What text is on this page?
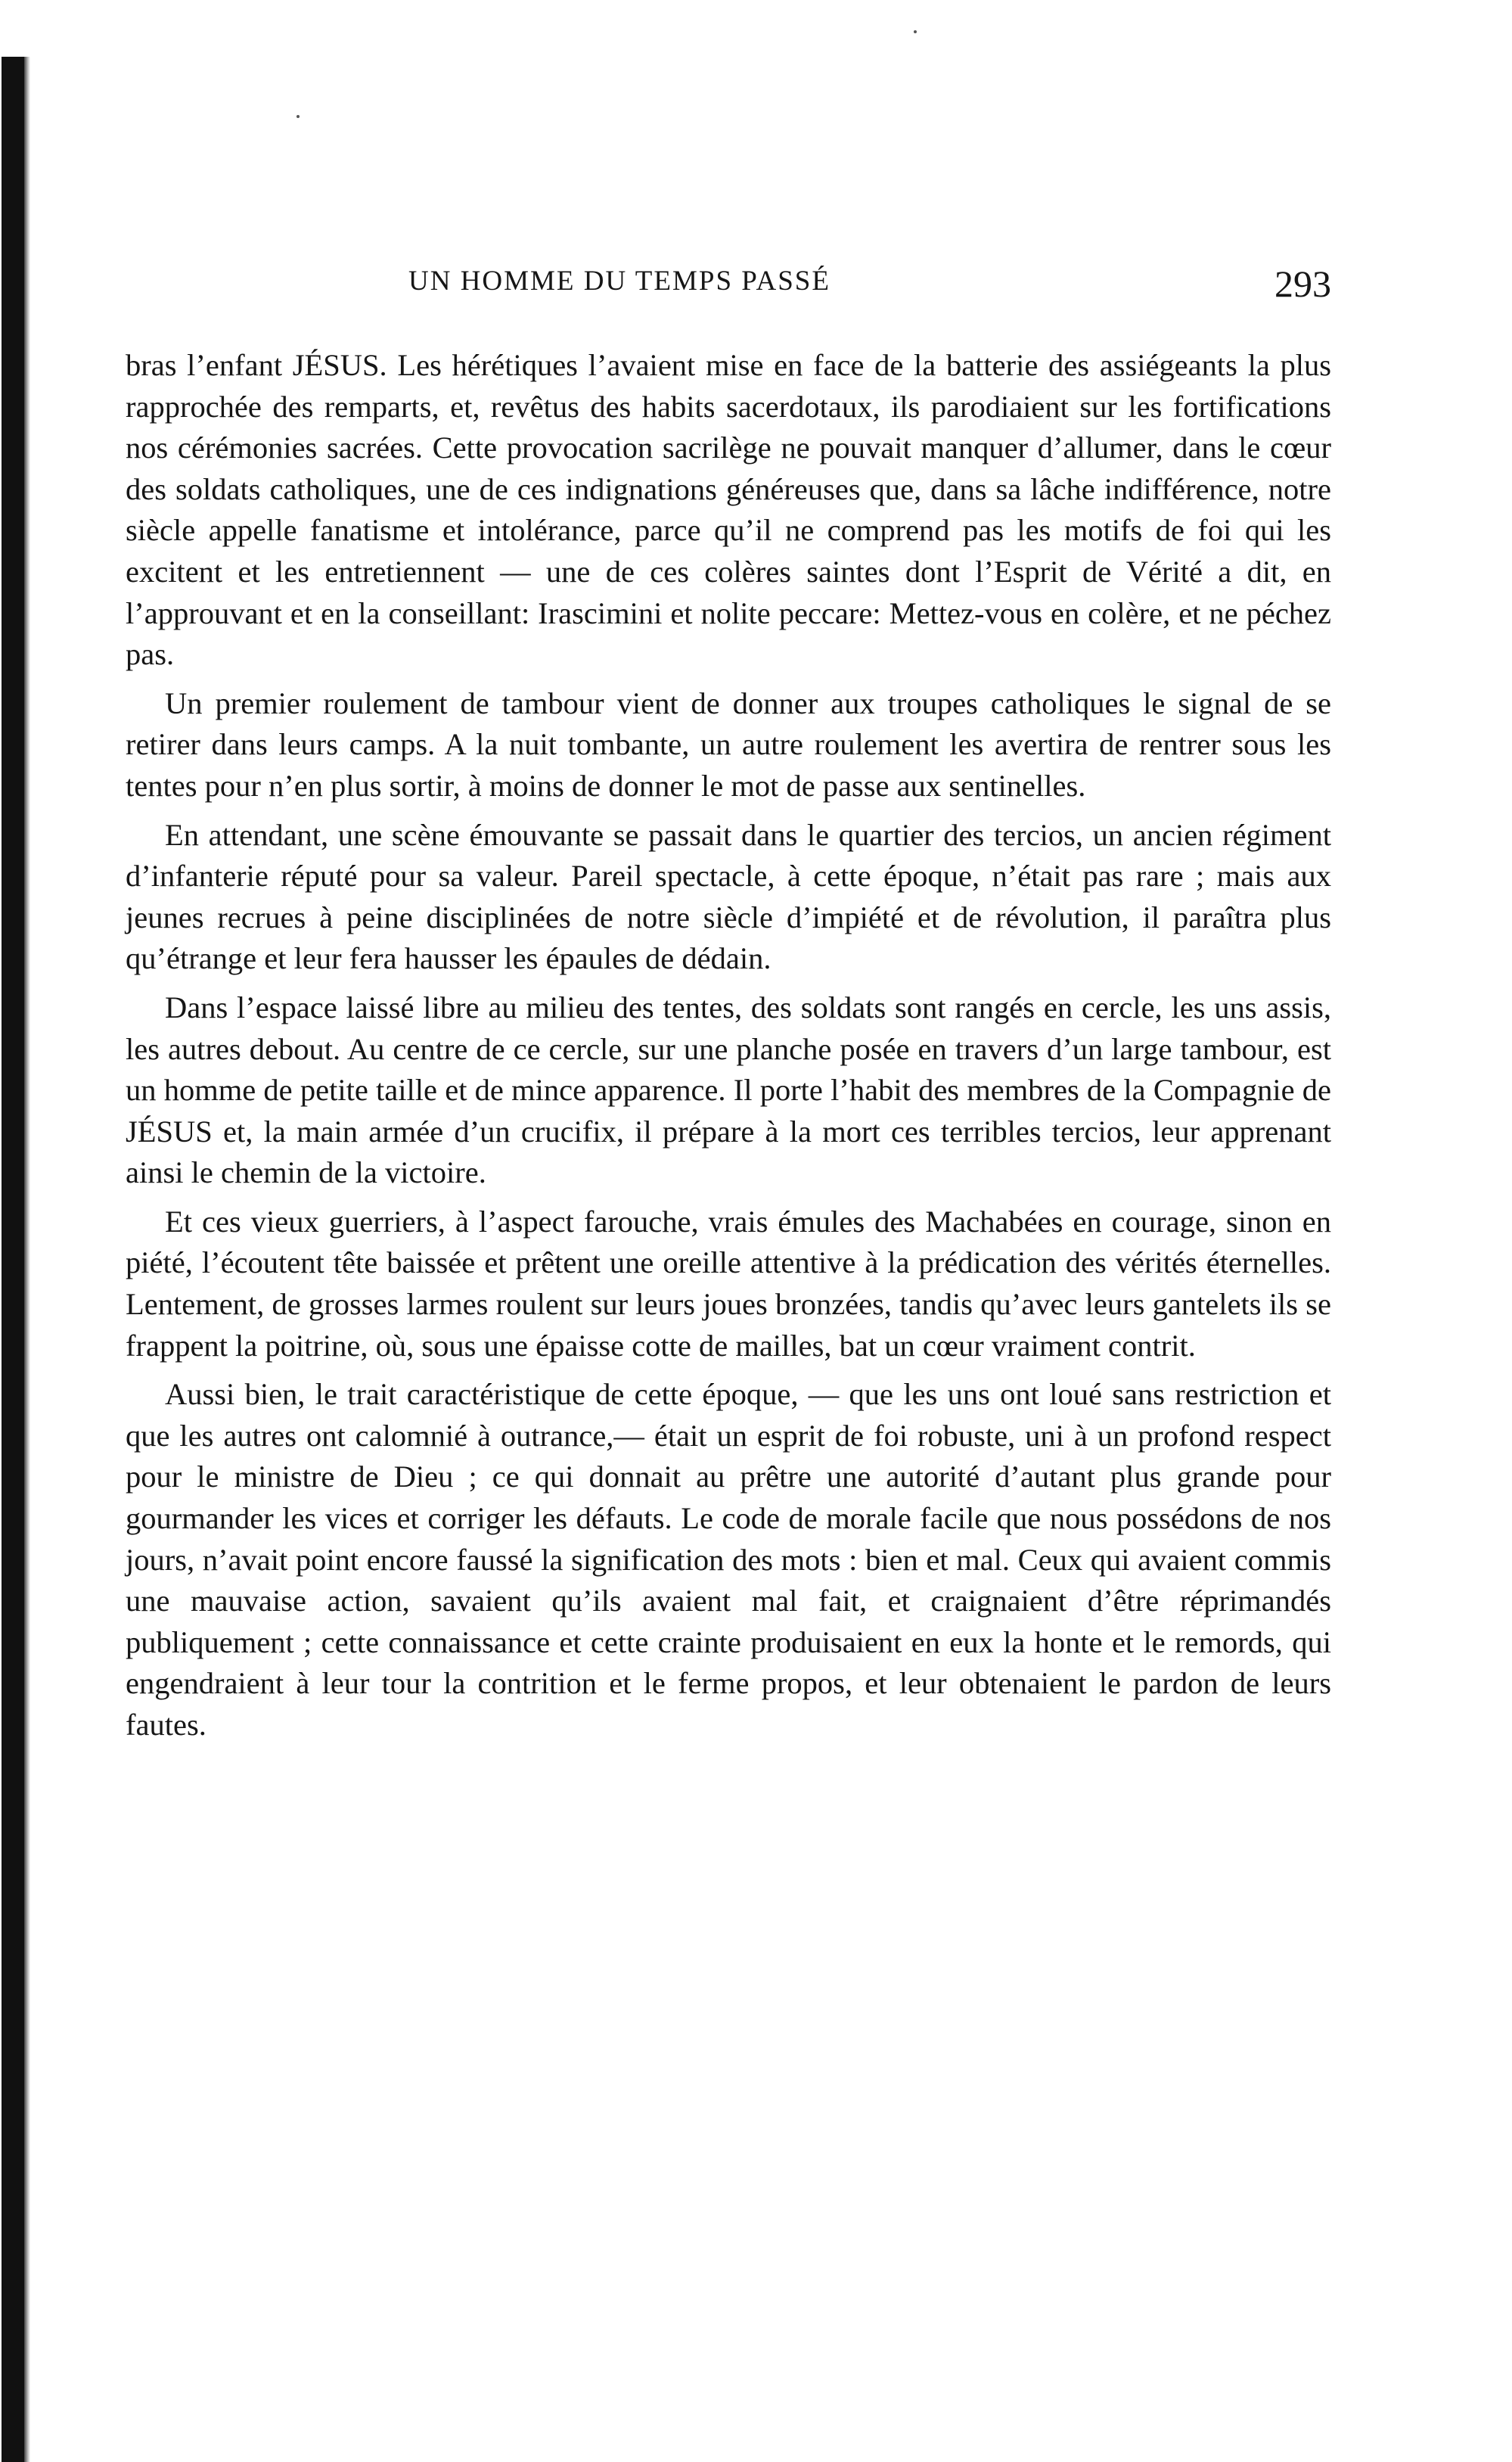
UN HOMME DU TEMPS PASSÉ	293

bras l’enfant JÉSUS. Les hérétiques l’avaient mise en face de la batterie des assiégeants la plus rapprochée des remparts, et, revêtus des habits sacerdotaux, ils parodiaient sur les fortifications nos cérémonies sacrées. Cette provocation sacrilège ne pouvait manquer d’allumer, dans le cœur des soldats catholiques, une de ces indignations généreuses que, dans sa lâche indifférence, notre siècle appelle fanatisme et intolérance, parce qu’il ne comprend pas les motifs de foi qui les excitent et les entretiennent — une de ces colères saintes dont l’Esprit de Vérité a dit, en l’approuvant et en la conseillant: Irascimini et nolite peccare: Mettez-vous en colère, et ne péchez pas.

Un premier roulement de tambour vient de donner aux troupes catholiques le signal de se retirer dans leurs camps. A la nuit tombante, un autre roulement les avertira de rentrer sous les tentes pour n’en plus sortir, à moins de donner le mot de passe aux sentinelles.

En attendant, une scène émouvante se passait dans le quartier des tercios, un ancien régiment d’infanterie réputé pour sa valeur. Pareil spectacle, à cette époque, n’était pas rare ; mais aux jeunes recrues à peine disciplinées de notre siècle d’impiété et de révolution, il paraîtra plus qu’étrange et leur fera hausser les épaules de dédain.

Dans l’espace laissé libre au milieu des tentes, des soldats sont rangés en cercle, les uns assis, les autres debout. Au centre de ce cercle, sur une planche posée en travers d’un large tambour, est un homme de petite taille et de mince apparence. Il porte l’habit des membres de la Compagnie de JÉSUS et, la main armée d’un crucifix, il prépare à la mort ces terribles tercios, leur apprenant ainsi le chemin de la victoire.

Et ces vieux guerriers, à l’aspect farouche, vrais émules des Machabées en courage, sinon en piété, l’écoutent tête baissée et prêtent une oreille attentive à la prédication des vérités éternelles. Lentement, de grosses larmes roulent sur leurs joues bronzées, tandis qu’avec leurs gantelets ils se frappent la poitrine, où, sous une épaisse cotte de mailles, bat un cœur vraiment contrit.

Aussi bien, le trait caractéristique de cette époque, — que les uns ont loué sans restriction et que les autres ont calomnié à outrance,— était un esprit de foi robuste, uni à un profond respect pour le ministre de Dieu ; ce qui donnait au prêtre une autorité d’autant plus grande pour gourmander les vices et corriger les défauts. Le code de morale facile que nous possédons de nos jours, n’avait point encore faussé la signification des mots : bien et mal. Ceux qui avaient commis une mauvaise action, savaient qu’ils avaient mal fait, et craignaient d’être réprimandés publiquement ; cette connaissance et cette crainte produisaient en eux la honte et le remords, qui engendraient à leur tour la contrition et le ferme propos, et leur obtenaient le pardon de leurs fautes.
